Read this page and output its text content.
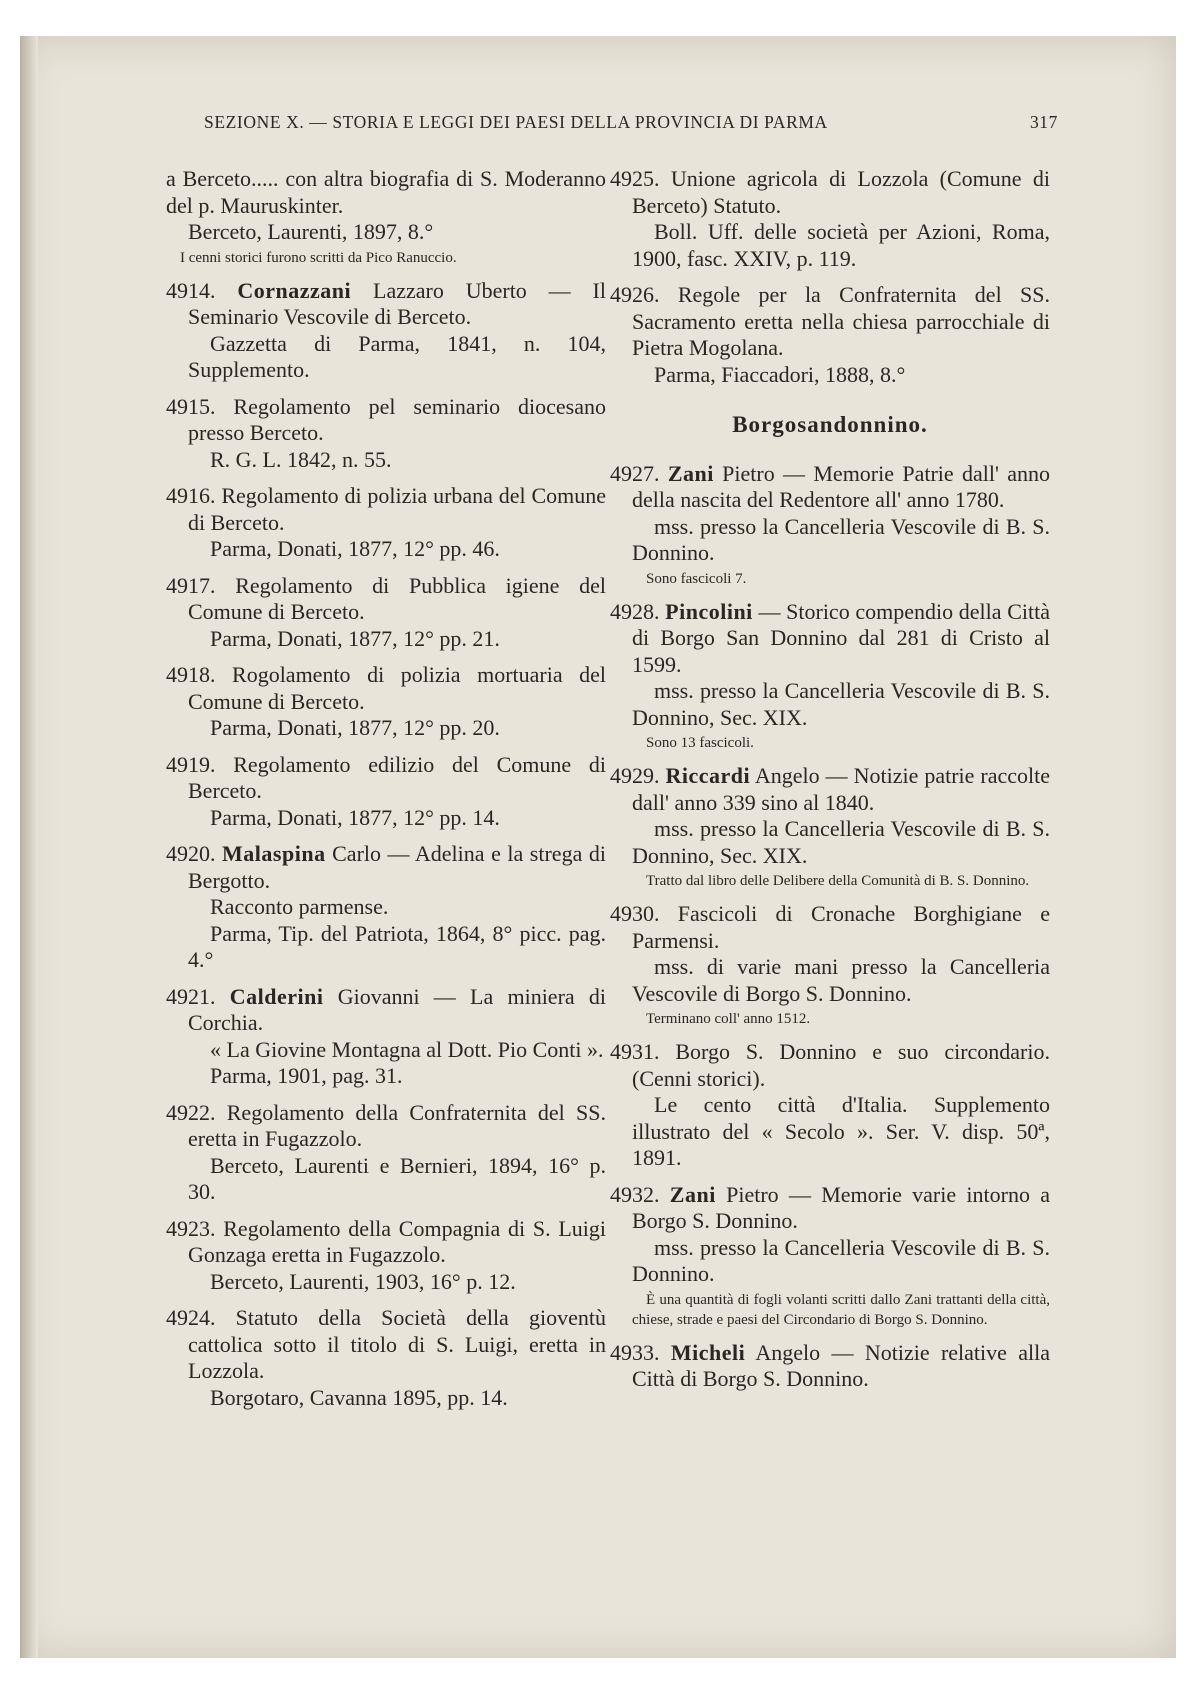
SEZIONE X. — STORIA E LEGGI DEI PAESI DELLA PROVINCIA DI PARMA	317
a Berceto..... con altra biografia di S. Moderanno del p. Mauruskinter.
Berceto, Laurenti, 1897, 8.°
I cenni storici furono scritti da Pico Ranuccio.
4914. Cornazzani Lazzaro Uberto — Il Seminario Vescovile di Berceto.
Gazzetta di Parma, 1841, n. 104, Supplemento.
4915. Regolamento pel seminario diocesano presso Berceto.
R. G. L. 1842, n. 55.
4916. Regolamento di polizia urbana del Comune di Berceto.
Parma, Donati, 1877, 12° pp. 46.
4917. Regolamento di Pubblica igiene del Comune di Berceto.
Parma, Donati, 1877, 12° pp. 21.
4918. Rogolamento di polizia mortuaria del Comune di Berceto.
Parma, Donati, 1877, 12° pp. 20.
4919. Regolamento edilizio del Comune di Berceto.
Parma, Donati, 1877, 12° pp. 14.
4920. Malaspina Carlo — Adelina e la strega di Bergotto.
Racconto parmense.
Parma, Tip. del Patriota, 1864, 8° picc. pag. 4.°
4921. Calderini Giovanni — La miniera di Corchia.
« La Giovine Montagna al Dott. Pio Conti ».
Parma, 1901, pag. 31.
4922. Regolamento della Confraternita del SS. eretta in Fugazzolo.
Berceto, Laurenti e Bernieri, 1894, 16° p. 30.
4923. Regolamento della Compagnia di S. Luigi Gonzaga eretta in Fugazzolo.
Berceto, Laurenti, 1903, 16° p. 12.
4924. Statuto della Società della gioventù cattolica sotto il titolo di S. Luigi, eretta in Lozzola.
Borgotaro, Cavanna 1895, pp. 14.
4925. Unione agricola di Lozzola (Comune di Berceto) Statuto.
Boll. Uff. delle società per Azioni, Roma, 1900, fasc. XXIV, p. 119.
4926. Regole per la Confraternita del SS. Sacramento eretta nella chiesa parrocchiale di Pietra Mogolana.
Parma, Fiaccadori, 1888, 8.°
Borgosandonnino.
4927. Zani Pietro — Memorie Patrie dall' anno della nascita del Redentore all' anno 1780.
mss. presso la Cancelleria Vescovile di B. S. Donnino.
Sono fascicoli 7.
4928. Pincolini — Storico compendio della Città di Borgo San Donnino dal 281 di Cristo al 1599.
mss. presso la Cancelleria Vescovile di B. S. Donnino, Sec. XIX.
Sono 13 fascicoli.
4929. Riccardi Angelo — Notizie patrie raccolte dall' anno 339 sino al 1840.
mss. presso la Cancelleria Vescovile di B. S. Donnino, Sec. XIX.
Tratto dal libro delle Delibere della Comunità di B. S. Donnino.
4930. Fascicoli di Cronache Borghigiane e Parmensi.
mss. di varie mani presso la Cancelleria Vescovile di Borgo S. Donnino.
Terminano coll' anno 1512.
4931. Borgo S. Donnino e suo circondario. (Cenni storici).
Le cento città d'Italia. Supplemento illustrato del « Secolo ». Ser. V. disp. 50ª, 1891.
4932. Zani Pietro — Memorie varie intorno a Borgo S. Donnino.
mss. presso la Cancelleria Vescovile di B. S. Donnino.
È una quantità di fogli volanti scritti dallo Zani trattanti della città, chiese, strade e paesi del Circondario di Borgo S. Donnino.
4933. Micheli Angelo — Notizie relative alla Città di Borgo S. Donnino.
